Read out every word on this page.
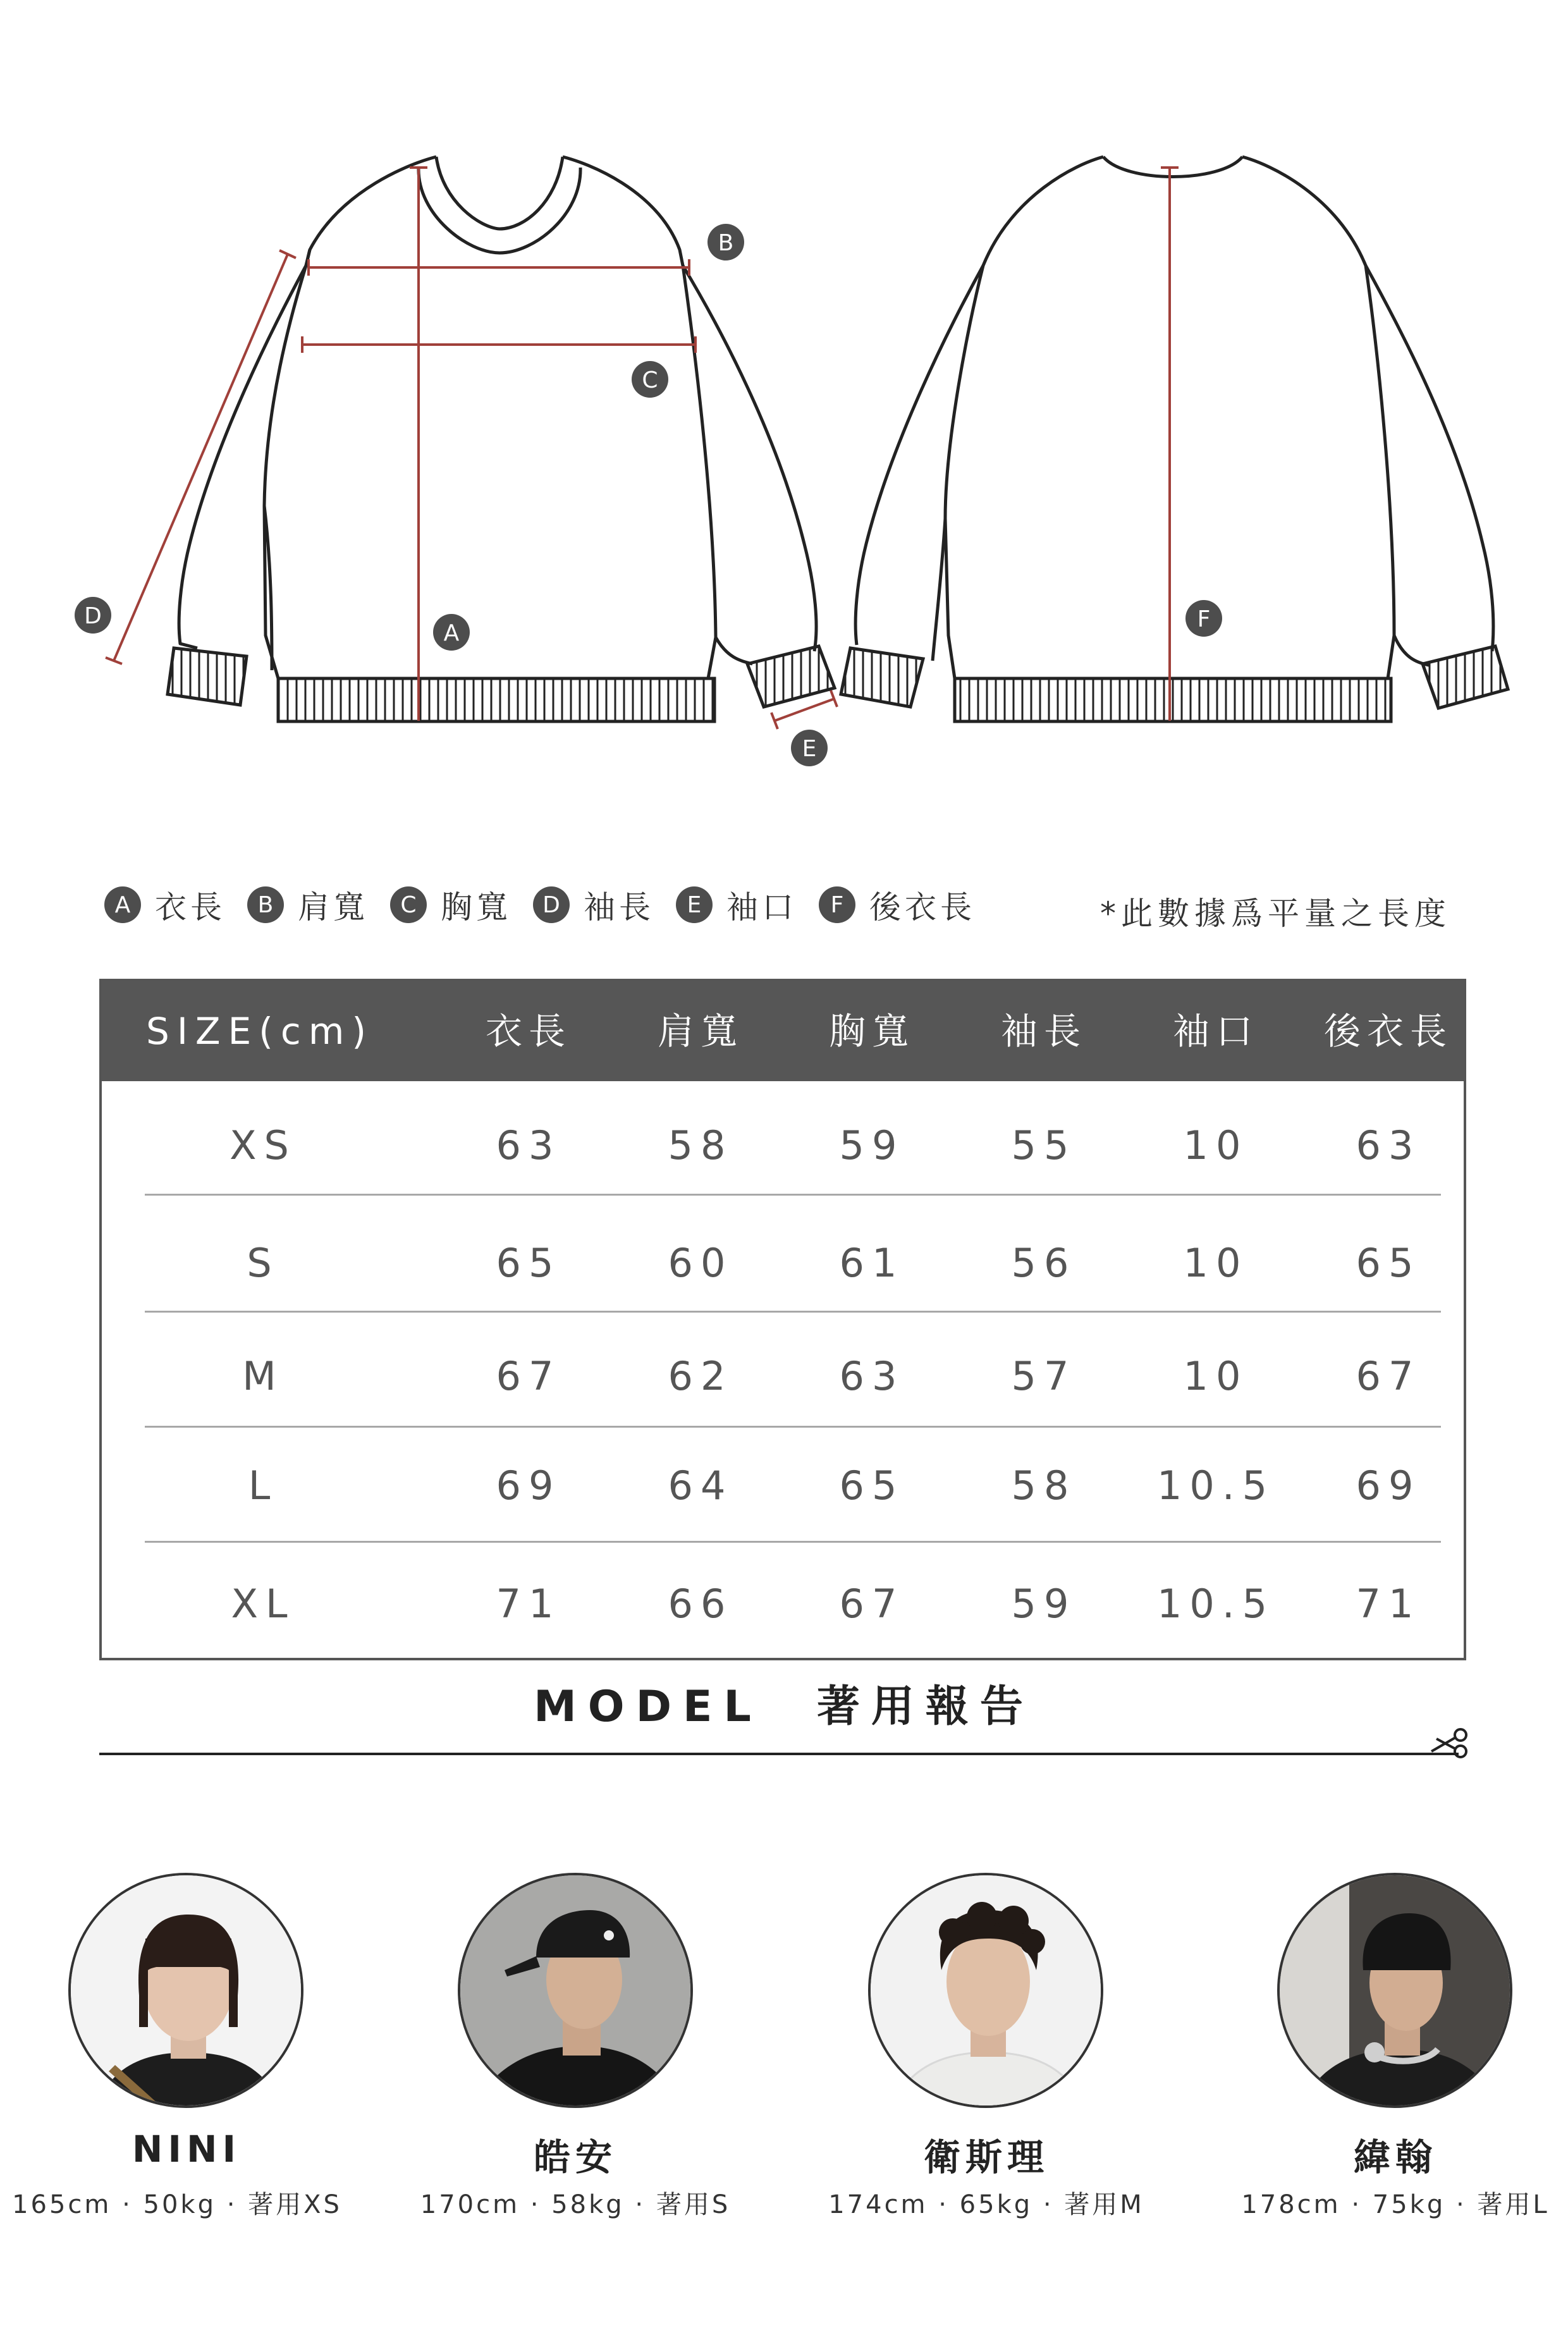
B
C
D
A
E
F
A 衣長	B 肩寬	C 胸寬	D 袖長	E 袖口	F 後衣長	*此數據爲平量之長度
SIZE(cm)	衣長	肩寬	胸寬	袖長	袖口	後衣長
XS	63	58	59	55	10	63
S	65	60	61	56	10	65
M	67	62	63	57	10	67
L	69	64	65	58	10.5	69
XL	71	66	67	59	10.5	71
MODEL　著用報告
NINI
165cm · 50kg · 著用XS
皓安
170cm · 58kg · 著用S
衛斯理
174cm · 65kg · 著用M
緯翰
178cm · 75kg · 著用L
